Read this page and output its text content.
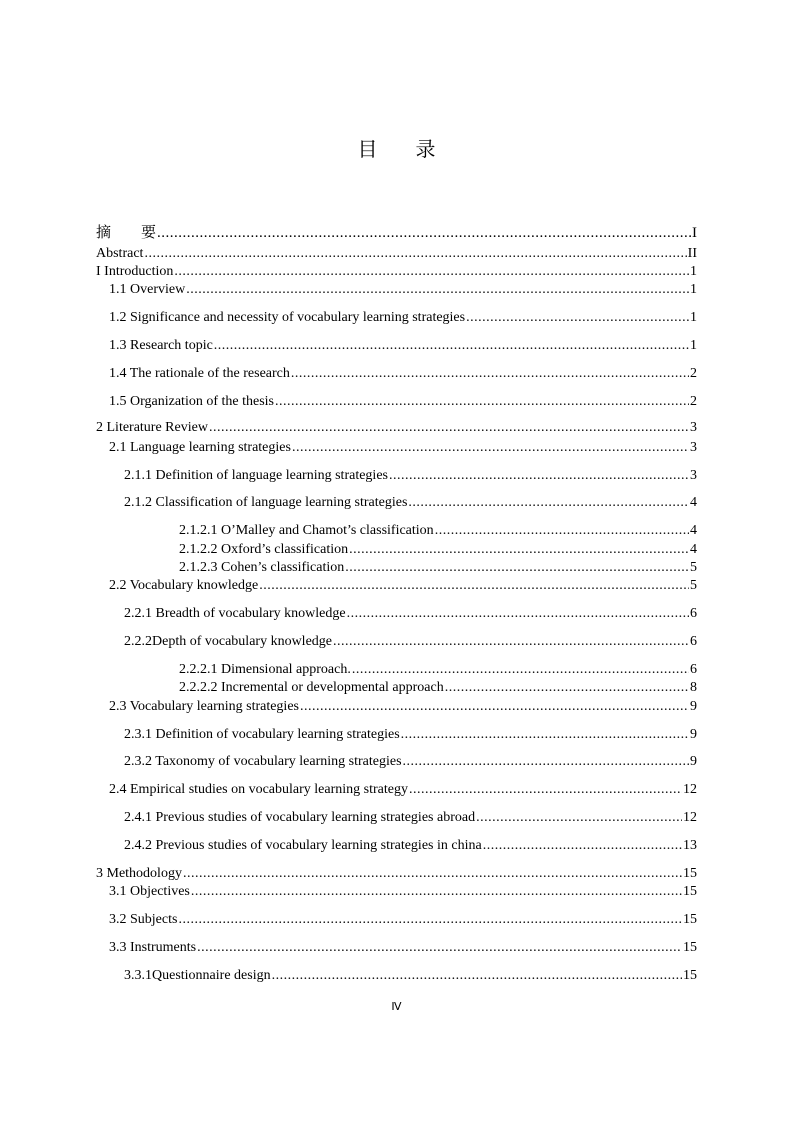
目 录
摘　　要 .....	I
Abstract .....	II
I Introduction .....	1
1.1 Overview .....	1
1.2 Significance and necessity of vocabulary learning strategies .....	1
1.3 Research topic .....	1
1.4 The rationale of the research .....	2
1.5 Organization of the thesis .....	2
2 Literature Review .....	3
2.1 Language learning strategies .....	3
2.1.1 Definition of language learning strategies .....	3
2.1.2 Classification of language learning strategies .....	4
2.1.2.1 O’Malley and Chamot’s classification .....	4
2.1.2.2 Oxford’s classification .....	4
2.1.2.3 Cohen’s classification .....	5
2.2 Vocabulary knowledge .....	5
2.2.1 Breadth of vocabulary knowledge .....	6
2.2.2Depth of vocabulary knowledge .....	6
2.2.2.1 Dimensional approach. .....	6
2.2.2.2 Incremental or developmental approach .....	8
2.3 Vocabulary learning strategies .....	9
2.3.1 Definition of vocabulary learning strategies .....	9
2.3.2 Taxonomy of vocabulary learning strategies .....	9
2.4 Empirical studies on vocabulary learning strategy .....	12
2.4.1 Previous studies of vocabulary learning strategies abroad .....	12
2.4.2 Previous studies of vocabulary learning strategies in china .....	13
3 Methodology .....	15
3.1 Objectives .....	15
3.2 Subjects .....	15
3.3 Instruments .....	15
3.3.1Questionnaire design .....	15
Ⅳ
